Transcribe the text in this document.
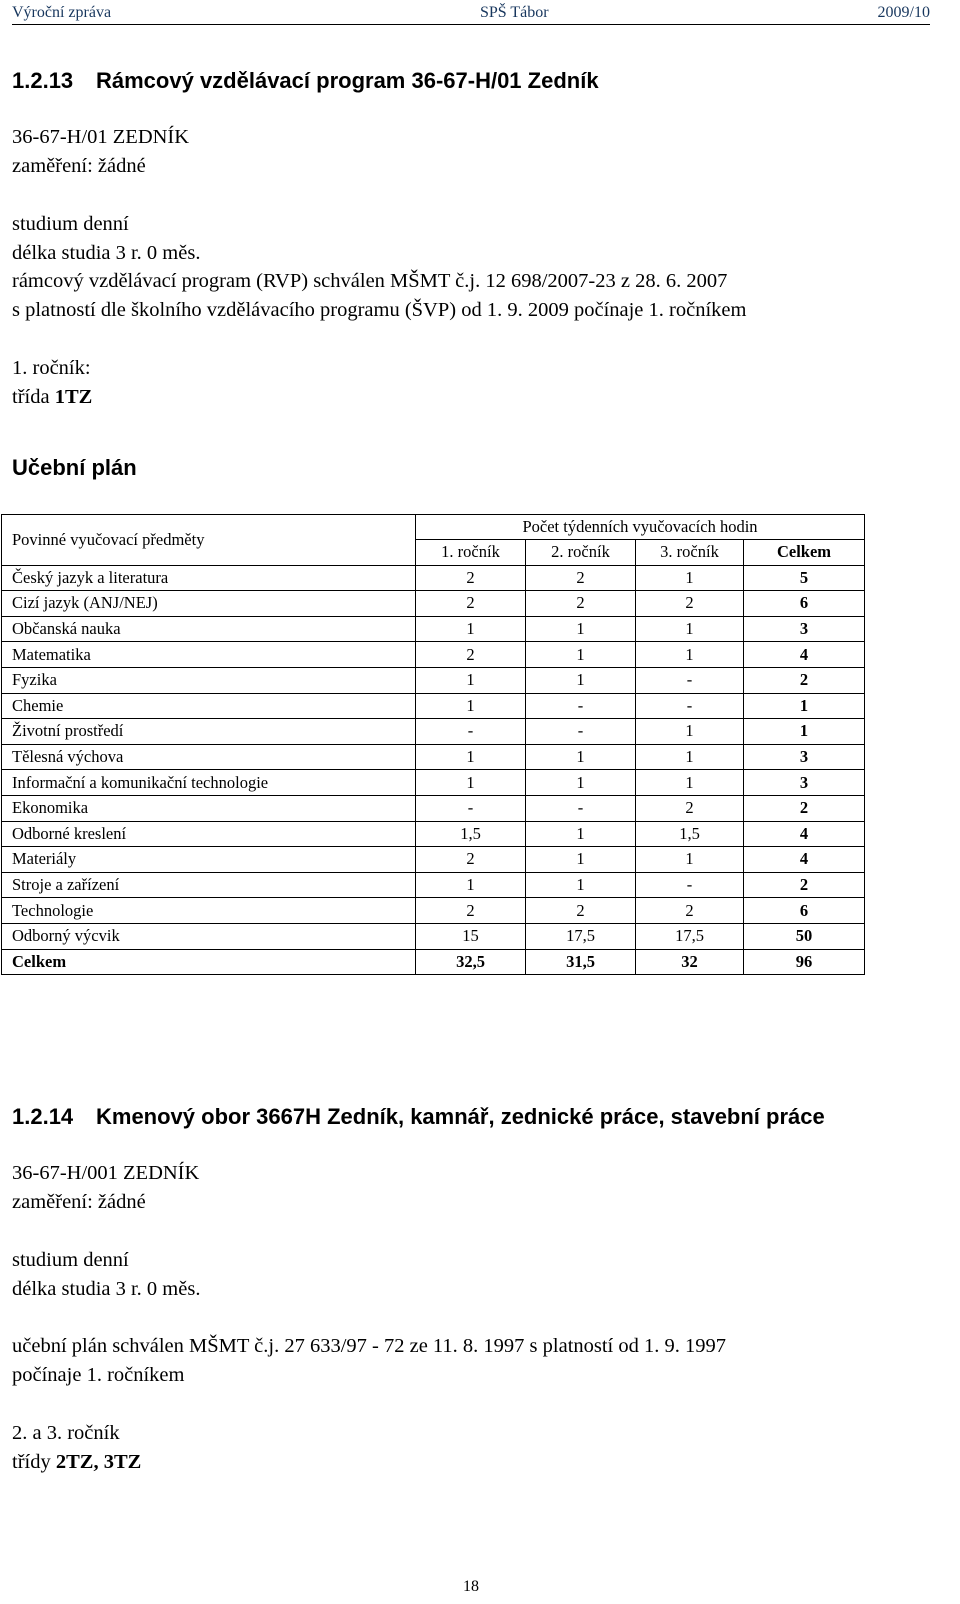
Výroční zpráva	SPŠ Tábor	2009/10
1.2.13 Rámcový vzdělávací program 36-67-H/01 Zedník
36-67-H/01 ZEDNÍK
zaměření: žádné
studium denní
délka studia 3 r. 0 měs.
rámcový vzdělávací program (RVP) schválen MŠMT č.j. 12 698/2007-23 z 28. 6. 2007
s platností dle školního vzdělávacího programu (ŠVP) od 1. 9. 2009 počínaje 1. ročníkem
1. ročník:
třída 1TZ
Učební plán
Povinné vyučovací předměty	Počet týdenních vyučovacích hodin			
	1. ročník	2. ročník	3. ročník	Celkem
Český jazyk a literatura	2	2	1	5
Cizí jazyk (ANJ/NEJ)	2	2	2	6
Občanská nauka	1	1	1	3
Matematika	2	1	1	4
Fyzika	1	1	-	2
Chemie	1	-	-	1
Životní prostředí	-	-	1	1
Tělesná výchova	1	1	1	3
Informační a komunikační technologie	1	1	1	3
Ekonomika	-	-	2	2
Odborné kreslení	1,5	1	1,5	4
Materiály	2	1	1	4
Stroje a zařízení	1	1	-	2
Technologie	2	2	2	6
Odborný výcvik	15	17,5	17,5	50
Celkem	32,5	31,5	32	96
1.2.14 Kmenový obor 3667H Zedník, kamnář, zednické práce, stavební práce
36-67-H/001 ZEDNÍK
zaměření: žádné
studium denní
délka studia 3 r. 0 měs.
učební plán schválen MŠMT č.j. 27 633/97 - 72 ze 11. 8. 1997 s platností od 1. 9. 1997
počínaje 1. ročníkem
2. a 3. ročník
třídy 2TZ, 3TZ
18
